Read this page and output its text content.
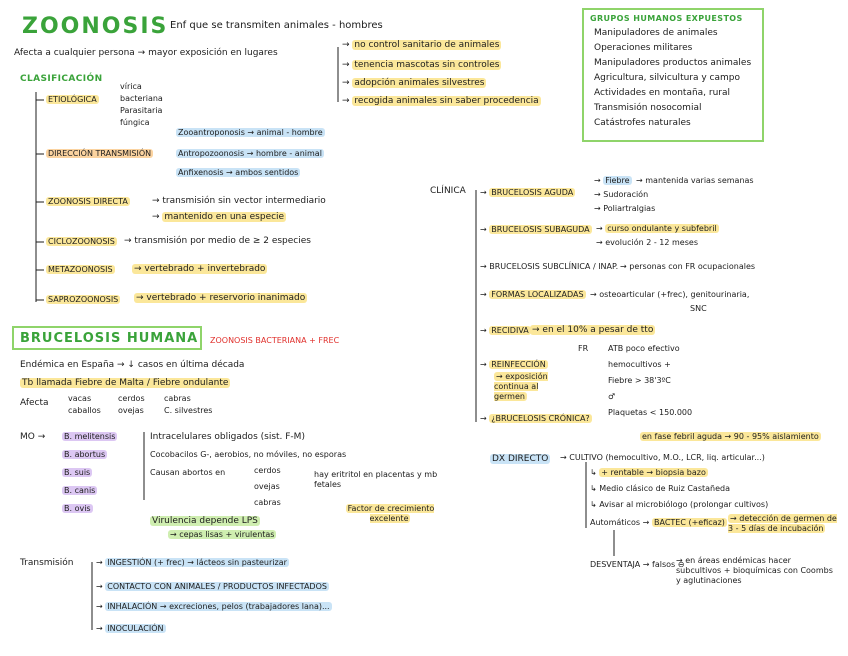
ZOONOSIS Enf que se transmiten animales - hombres
Afecta a cualquier persona → mayor exposición en lugares
→ no control sanitario de animales
→ tenencia mascotas sin controles
→ adopción animales silvestres
→ recogida animales sin saber procedencia
GRUPOS HUMANOS EXPUESTOS
Manipuladores de animales
Operaciones militares
Manipuladores productos animales
Agricultura, silvicultura y campo
Actividades en montaña, rural
Transmisión nosocomial
Catástrofes naturales
CLASIFICACIÓN
ETIOLÓGICA
vírica
bacteriana
Parasitaria
fúngica
DIRECCIÓN TRANSMISIÓN
Zooantroponosis → animal - hombre
Antropozoonosis → hombre - animal
Anfixenosis → ambos sentidos
ZOONOSIS DIRECTA	→ transmisión sin vector intermediario
→ mantenido en una especie
CICLOZOONOSIS → transmisión por medio de ≥ 2 especies
METAZOONOSIS → vertebrado + invertebrado
SAPROZOONOSIS → vertebrado + reservorio inanimado
BRUCELOSIS HUMANA ZOONOSIS BACTERIANA + FREC
Endémica en España → ↓ casos en última década
Tb llamada Fiebre de Malta / Fiebre ondulante
Afecta vacas
caballos
cerdos
ovejas
cabras
C. silvestres
MO → B. melitensis
B. abortus
B. suis
B. canis
B. ovis
Intracelulares obligados (sist. F-M)
Cocobacilos G-, aerobios, no móviles, no esporas
Causan abortos en	cerdos
ovejas
cabras
hay eritritol en placentas y mb fetales
Factor de crecimiento excelente
Virulencia depende LPS
→ cepas lisas + virulentas
Transmisión	→ INGESTIÓN (+ frec) → lácteos sin pasteurizar
→ CONTACTO CON ANIMALES / PRODUCTOS INFECTADOS
→ INHALACIÓN → excreciones, pelos (trabajadores lana)...
→ INOCULACIÓN
CLÍNICA → BRUCELOSIS AGUDA
→ Fiebre
→ Sudoración
→ Poliartralgias
→ mantenida varias semanas
→ BRUCELOSIS SUBAGUDA → curso ondulante y subfebril
→ evolución 2 - 12 meses
→ BRUCELOSIS SUBCLÍNICA / INAP. → personas con FR ocupacionales
→ FORMAS LOCALIZADAS → osteoarticular (+frec), genitourinaria,
SNC
→ RECIDIVA → en el 10% a pesar de tto
FR ATB poco efectivo
hemocultivos +
Fiebre > 38'3ºC
♂
Plaquetas < 150.000
→ REINFECCIÓN
→ exposición continua al germen
→ ¿BRUCELOSIS CRÓNICA?
DX DIRECTO → CULTIVO (hemocultivo, M.O., LCR, liq. articular...)
en fase febril aguda → 90 - 95% aislamiento
↳ + rentable → biopsia bazo
↳ Medio clásico de Ruiz Castañeda
↳ Avisar al microbiólogo (prolongar cultivos)
Automáticos → BACTEC (+eficaz) → detección de germen de 3 - 5 días de incubación
DESVENTAJA → falsos ⊖
→ en áreas endémicas hacer subcultivos + bioquímicas con Coombs y aglutinaciones
